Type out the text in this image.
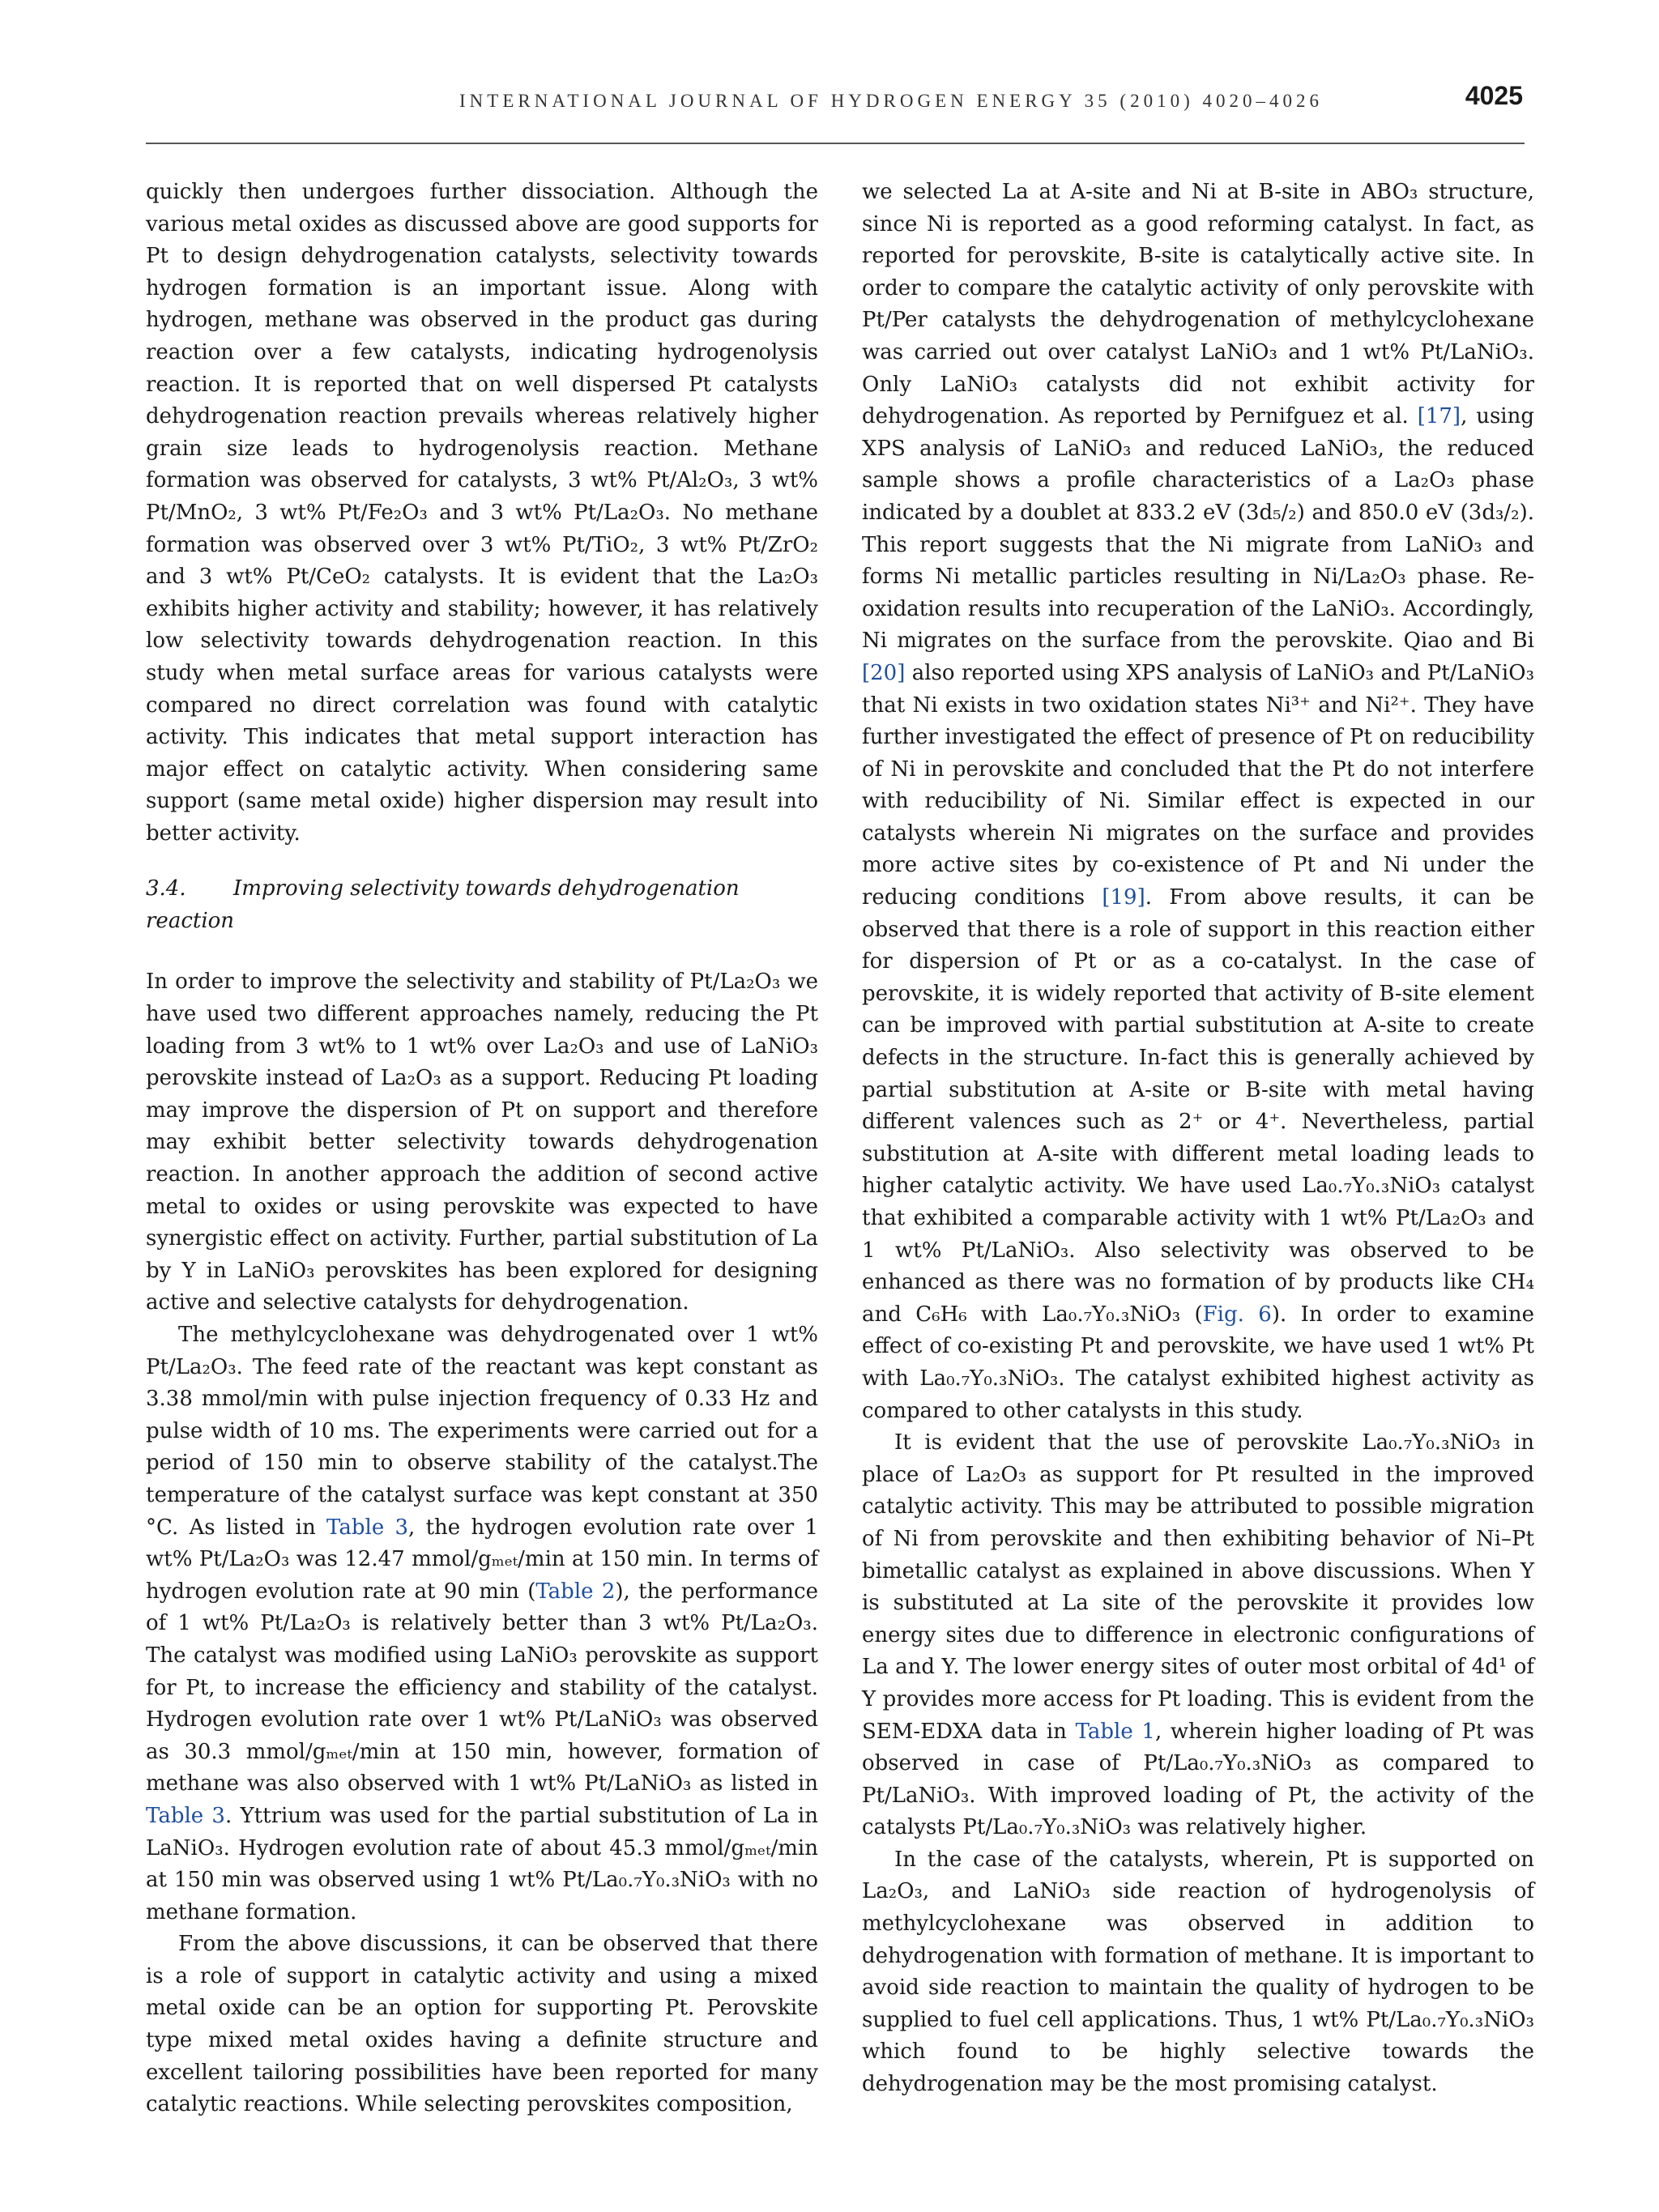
INTERNATIONAL JOURNAL OF HYDROGEN ENERGY 35 (2010) 4020–4026	4025

quickly then undergoes further dissociation. Although the various metal oxides as discussed above are good supports for Pt to design dehydrogenation catalysts, selectivity towards hydrogen formation is an important issue. Along with hydrogen, methane was observed in the product gas during reaction over a few catalysts, indicating hydrogenolysis reaction. It is reported that on well dispersed Pt catalysts dehydrogenation reaction prevails whereas relatively higher grain size leads to hydrogenolysis reaction. Methane formation was observed for catalysts, 3 wt% Pt/Al₂O₃, 3 wt% Pt/MnO₂, 3 wt% Pt/Fe₂O₃ and 3 wt% Pt/La₂O₃. No methane formation was observed over 3 wt% Pt/TiO₂, 3 wt% Pt/ZrO₂ and 3 wt% Pt/CeO₂ catalysts. It is evident that the La₂O₃ exhibits higher activity and stability; however, it has relatively low selectivity towards dehydrogenation reaction. In this study when metal surface areas for various catalysts were compared no direct correlation was found with catalytic activity. This indicates that metal support interaction has major effect on catalytic activity. When considering same support (same metal oxide) higher dispersion may result into better activity.

3.4. Improving selectivity towards dehydrogenation reaction

In order to improve the selectivity and stability of Pt/La₂O₃ we have used two different approaches namely, reducing the Pt loading from 3 wt% to 1 wt% over La₂O₃ and use of LaNiO₃ perovskite instead of La₂O₃ as a support. Reducing Pt loading may improve the dispersion of Pt on support and therefore may exhibit better selectivity towards dehydrogenation reaction. In another approach the addition of second active metal to oxides or using perovskite was expected to have synergistic effect on activity. Further, partial substitution of La by Y in LaNiO₃ perovskites has been explored for designing active and selective catalysts for dehydrogenation.

The methylcyclohexane was dehydrogenated over 1 wt% Pt/La₂O₃. The feed rate of the reactant was kept constant as 3.38 mmol/min with pulse injection frequency of 0.33 Hz and pulse width of 10 ms. The experiments were carried out for a period of 150 min to observe stability of the catalyst.The temperature of the catalyst surface was kept constant at 350 °C. As listed in Table 3, the hydrogen evolution rate over 1 wt% Pt/La₂O₃ was 12.47 mmol/gₘₑₜ/min at 150 min. In terms of hydrogen evolution rate at 90 min (Table 2), the performance of 1 wt% Pt/La₂O₃ is relatively better than 3 wt% Pt/La₂O₃. The catalyst was modified using LaNiO₃ perovskite as support for Pt, to increase the efficiency and stability of the catalyst. Hydrogen evolution rate over 1 wt% Pt/LaNiO₃ was observed as 30.3 mmol/gₘₑₜ/min at 150 min, however, formation of methane was also observed with 1 wt% Pt/LaNiO₃ as listed in Table 3. Yttrium was used for the partial substitution of La in LaNiO₃. Hydrogen evolution rate of about 45.3 mmol/gₘₑₜ/min at 150 min was observed using 1 wt% Pt/La₀.₇Y₀.₃NiO₃ with no methane formation.

From the above discussions, it can be observed that there is a role of support in catalytic activity and using a mixed metal oxide can be an option for supporting Pt. Perovskite type mixed metal oxides having a definite structure and excellent tailoring possibilities have been reported for many catalytic reactions. While selecting perovskites composition,

we selected La at A-site and Ni at B-site in ABO₃ structure, since Ni is reported as a good reforming catalyst. In fact, as reported for perovskite, B-site is catalytically active site. In order to compare the catalytic activity of only perovskite with Pt/Per catalysts the dehydrogenation of methylcyclohexane was carried out over catalyst LaNiO₃ and 1 wt% Pt/LaNiO₃. Only LaNiO₃ catalysts did not exhibit activity for dehydrogenation. As reported by Pernifguez et al. [17], using XPS analysis of LaNiO₃ and reduced LaNiO₃, the reduced sample shows a profile characteristics of a La₂O₃ phase indicated by a doublet at 833.2 eV (3d₅/₂) and 850.0 eV (3d₃/₂). This report suggests that the Ni migrate from LaNiO₃ and forms Ni metallic particles resulting in Ni/La₂O₃ phase. Re-oxidation results into recuperation of the LaNiO₃. Accordingly, Ni migrates on the surface from the perovskite. Qiao and Bi [20] also reported using XPS analysis of LaNiO₃ and Pt/LaNiO₃ that Ni exists in two oxidation states Ni³⁺ and Ni²⁺. They have further investigated the effect of presence of Pt on reducibility of Ni in perovskite and concluded that the Pt do not interfere with reducibility of Ni. Similar effect is expected in our catalysts wherein Ni migrates on the surface and provides more active sites by co-existence of Pt and Ni under the reducing conditions [19]. From above results, it can be observed that there is a role of support in this reaction either for dispersion of Pt or as a co-catalyst. In the case of perovskite, it is widely reported that activity of B-site element can be improved with partial substitution at A-site to create defects in the structure. In-fact this is generally achieved by partial substitution at A-site or B-site with metal having different valences such as 2⁺ or 4⁺. Nevertheless, partial substitution at A-site with different metal loading leads to higher catalytic activity. We have used La₀.₇Y₀.₃NiO₃ catalyst that exhibited a comparable activity with 1 wt% Pt/La₂O₃ and 1 wt% Pt/LaNiO₃. Also selectivity was observed to be enhanced as there was no formation of by products like CH₄ and C₆H₆ with La₀.₇Y₀.₃NiO₃ (Fig. 6). In order to examine effect of co-existing Pt and perovskite, we have used 1 wt% Pt with La₀.₇Y₀.₃NiO₃. The catalyst exhibited highest activity as compared to other catalysts in this study.

It is evident that the use of perovskite La₀.₇Y₀.₃NiO₃ in place of La₂O₃ as support for Pt resulted in the improved catalytic activity. This may be attributed to possible migration of Ni from perovskite and then exhibiting behavior of Ni–Pt bimetallic catalyst as explained in above discussions. When Y is substituted at La site of the perovskite it provides low energy sites due to difference in electronic configurations of La and Y. The lower energy sites of outer most orbital of 4d¹ of Y provides more access for Pt loading. This is evident from the SEM-EDXA data in Table 1, wherein higher loading of Pt was observed in case of Pt/La₀.₇Y₀.₃NiO₃ as compared to Pt/LaNiO₃. With improved loading of Pt, the activity of the catalysts Pt/La₀.₇Y₀.₃NiO₃ was relatively higher.

In the case of the catalysts, wherein, Pt is supported on La₂O₃, and LaNiO₃ side reaction of hydrogenolysis of methylcyclohexane was observed in addition to dehydrogenation with formation of methane. It is important to avoid side reaction to maintain the quality of hydrogen to be supplied to fuel cell applications. Thus, 1 wt% Pt/La₀.₇Y₀.₃NiO₃ which found to be highly selective towards the dehydrogenation may be the most promising catalyst.
